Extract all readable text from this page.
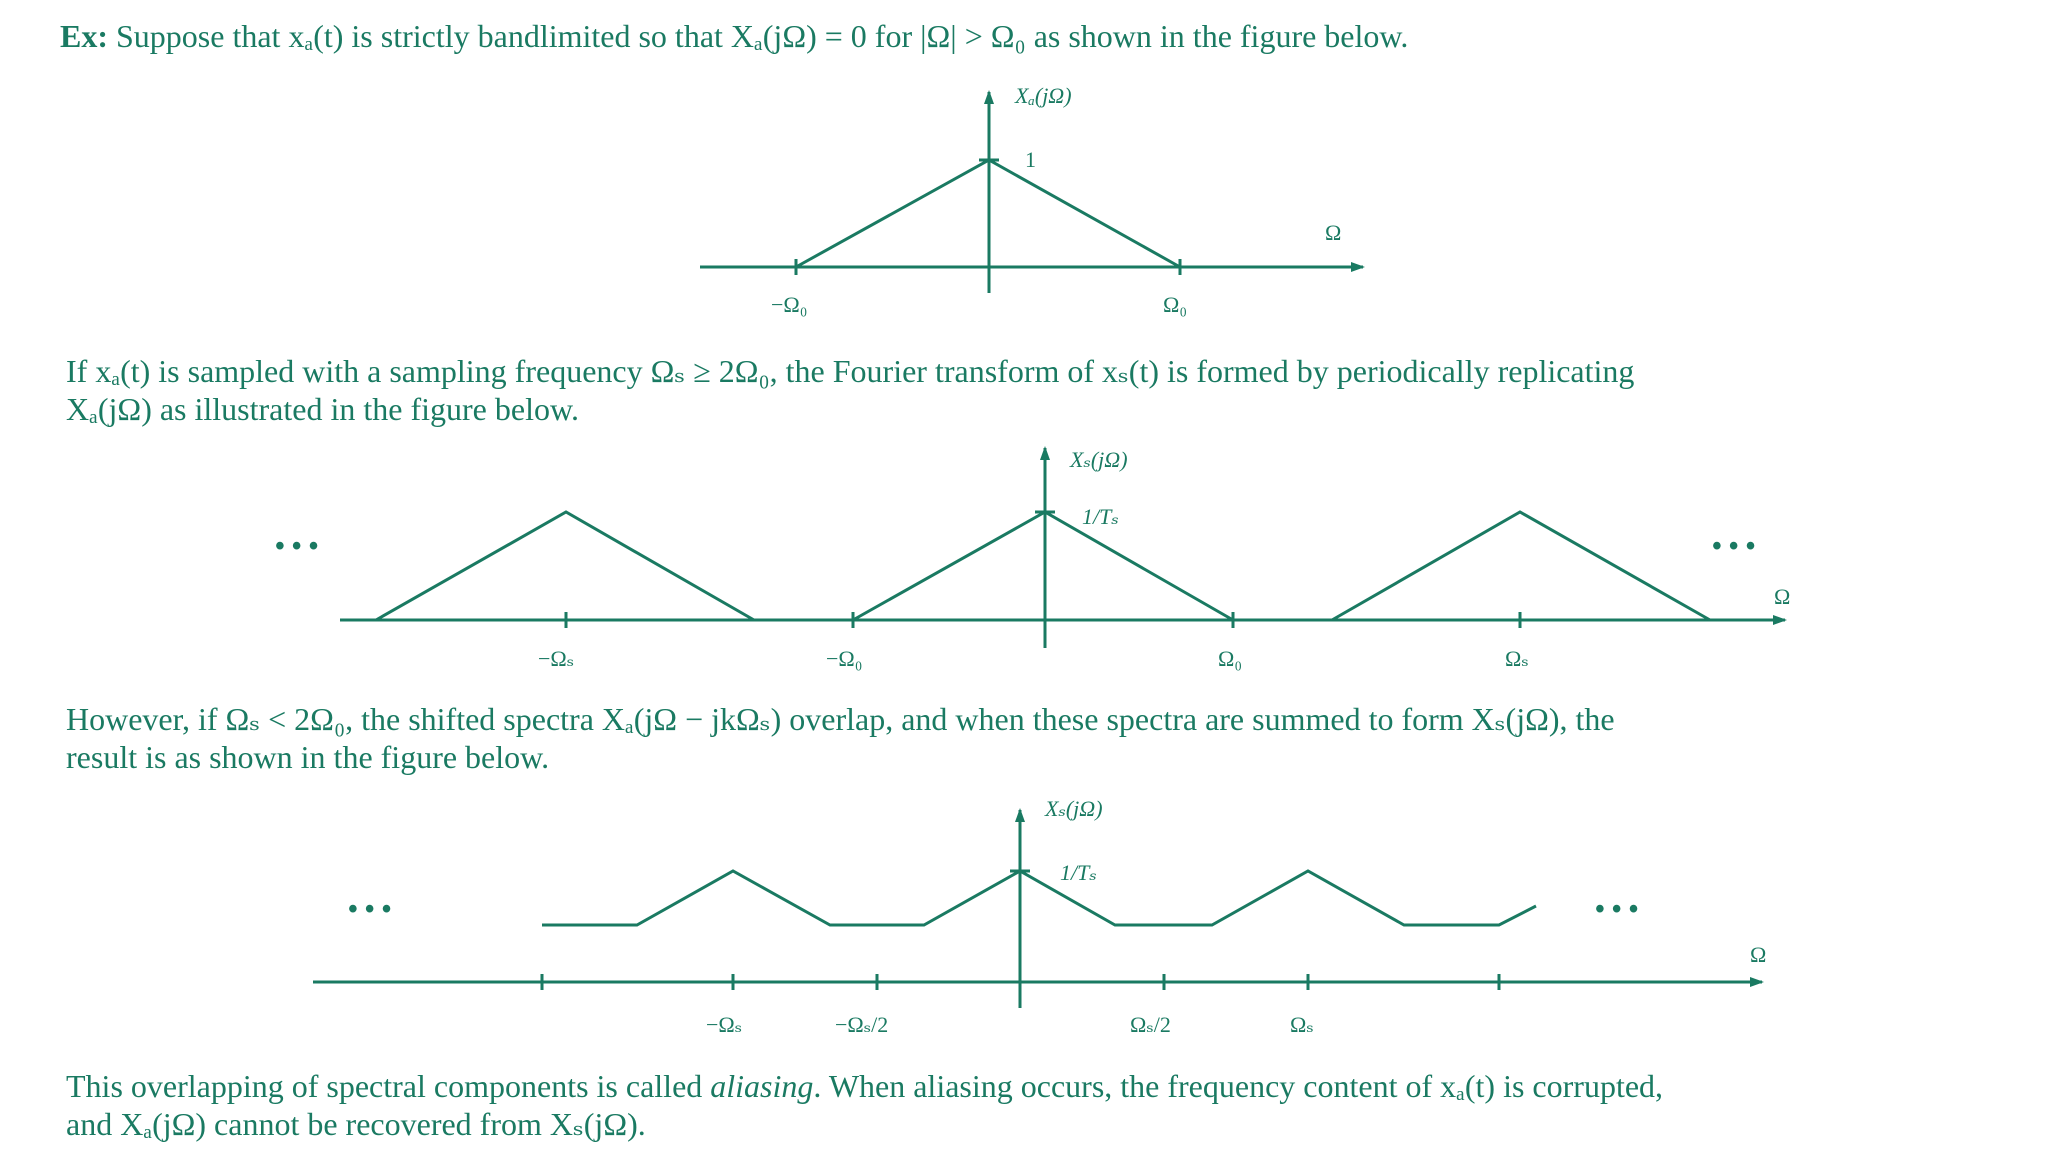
Ex: Suppose that xₐ(t) is strictly bandlimited so that Xₐ(jΩ) = 0 for |Ω| > Ω₀ as shown in the figure below.

Xₐ(jΩ)
1
Ω
−Ω₀	Ω₀

If xₐ(t) is sampled with a sampling frequency Ωₛ ≥ 2Ω₀, the Fourier transform of xₛ(t) is formed by periodically replicating
Xₐ(jΩ) as illustrated in the figure below.

Xₛ(jΩ)
1/Tₛ
Ω
−Ωₛ	−Ω₀	Ω₀	Ωₛ
• • •	• • •

However, if Ωₛ < 2Ω₀, the shifted spectra Xₐ(jΩ − jkΩₛ) overlap, and when these spectra are summed to form Xₛ(jΩ), the
result is as shown in the figure below.

Xₛ(jΩ)
1/Tₛ
Ω
−Ωₛ	−Ωₛ/2	Ωₛ/2	Ωₛ
• • •	• • •

This overlapping of spectral components is called aliasing. When aliasing occurs, the frequency content of xₐ(t) is corrupted,
and Xₐ(jΩ) cannot be recovered from Xₛ(jΩ).
